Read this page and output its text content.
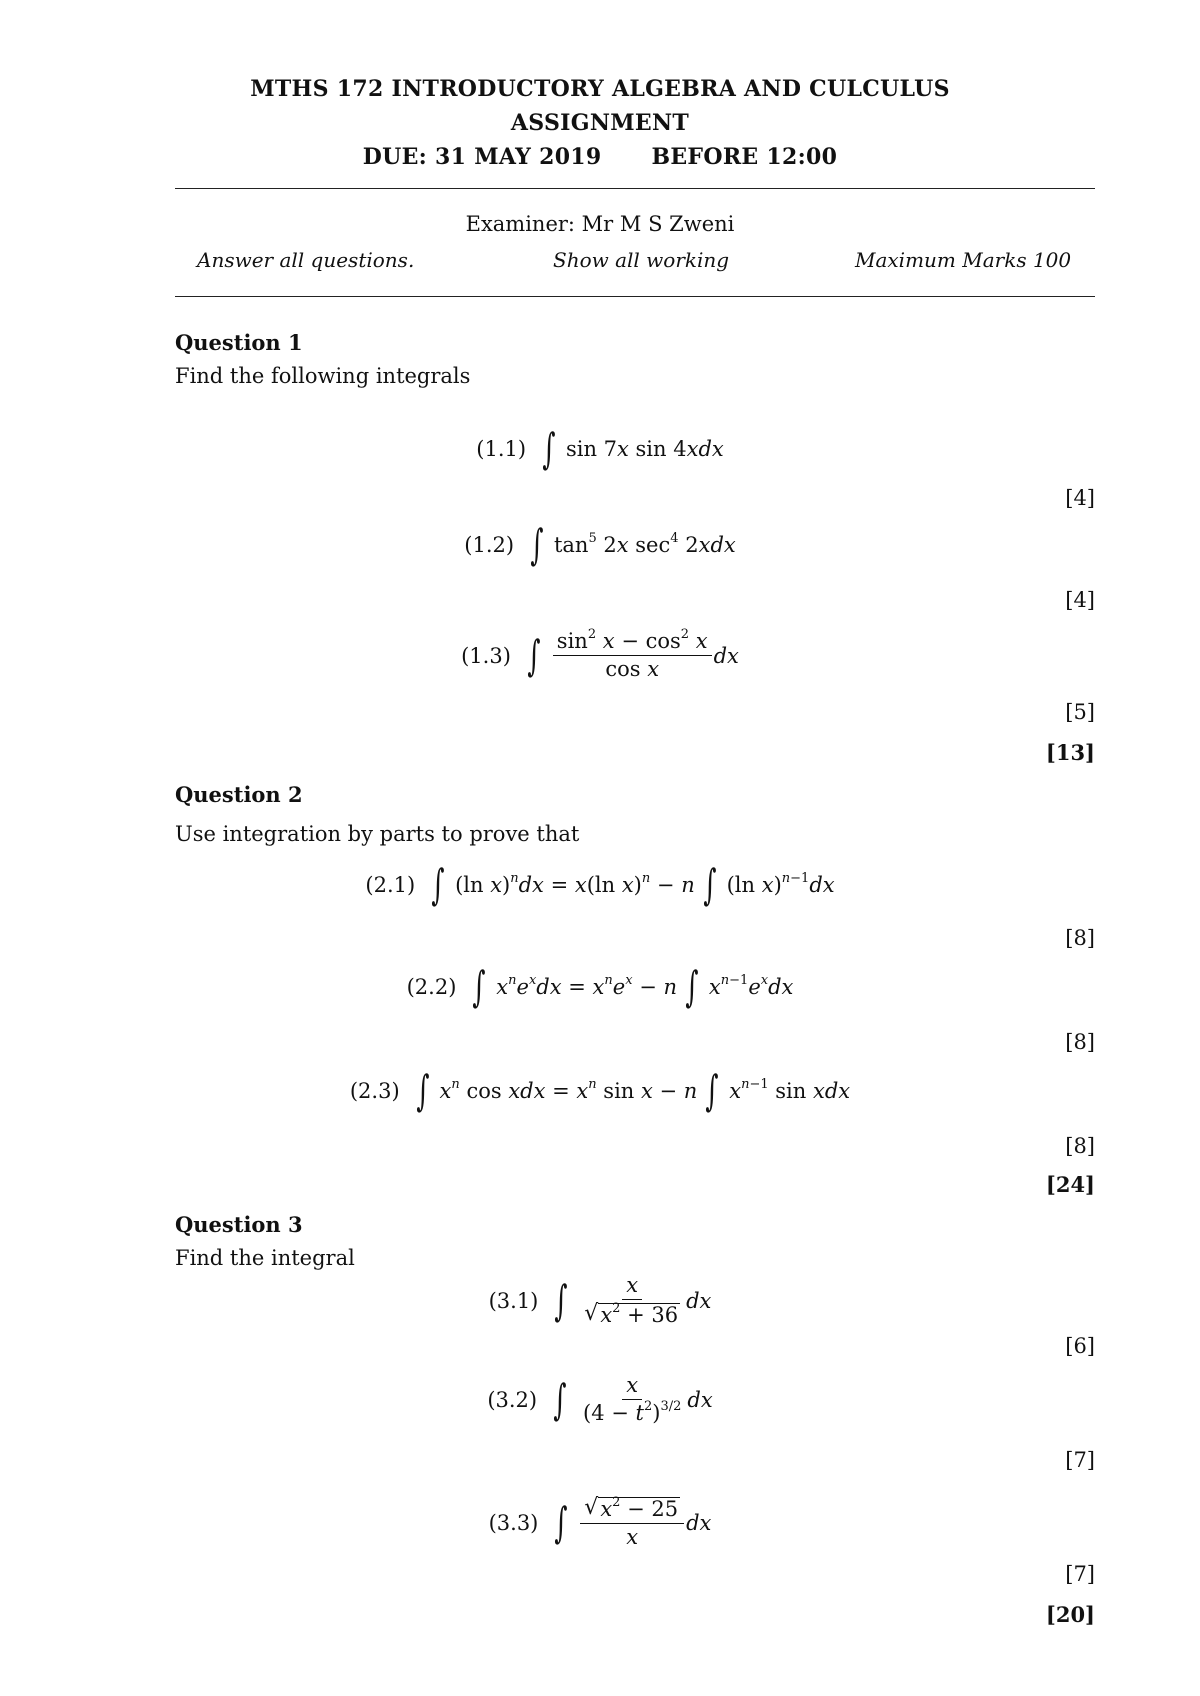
MTHS 172 INTRODUCTORY ALGEBRA AND CULCULUS
ASSIGNMENT
DUE: 31 MAY 2019 BEFORE 12:00
Examiner: Mr M S Zweni
Answer all questions.	Show all working	Maximum Marks 100
Question 1
Find the following integrals
(1.1) ∫ sin 7x sin 4xdx
[4]
(1.2) ∫ $\tan^5 2x$ $\sec^4 2xdx$
[4]
(1.3) ∫ $\frac{\sin^2 x - \cos^2 x}{\text{cos x}}$ dx
[5]
[13]
Question 2
Use integration by parts to prove that
(2.1) ∫ (ln x)$^n$dx = x(ln x)$^n$ − n ∫ (ln x)$^{n-1}$dx
[8]
(2.2) ∫ $x^ne^xdx = x^ne^x - n$ ∫ $x^{n-1}e^xdx$
[8]
(2.3) ∫ $x^n$ cos xdx = $x^n$ sin x − n ∫ $x^{n-1}$ sin xdx
[8]
[24]
Question 3
Find the integral
(3.1) ∫ $\frac{x}{√ x^2 + 36}$ dx
[6]
(3.2) ∫ $\frac{x}{(4 - t^2)^{3/2}}$ dx
[7]
(3.3) ∫ $\frac{√ x^2 - 25}{x}$ dx
[7]
[20]
